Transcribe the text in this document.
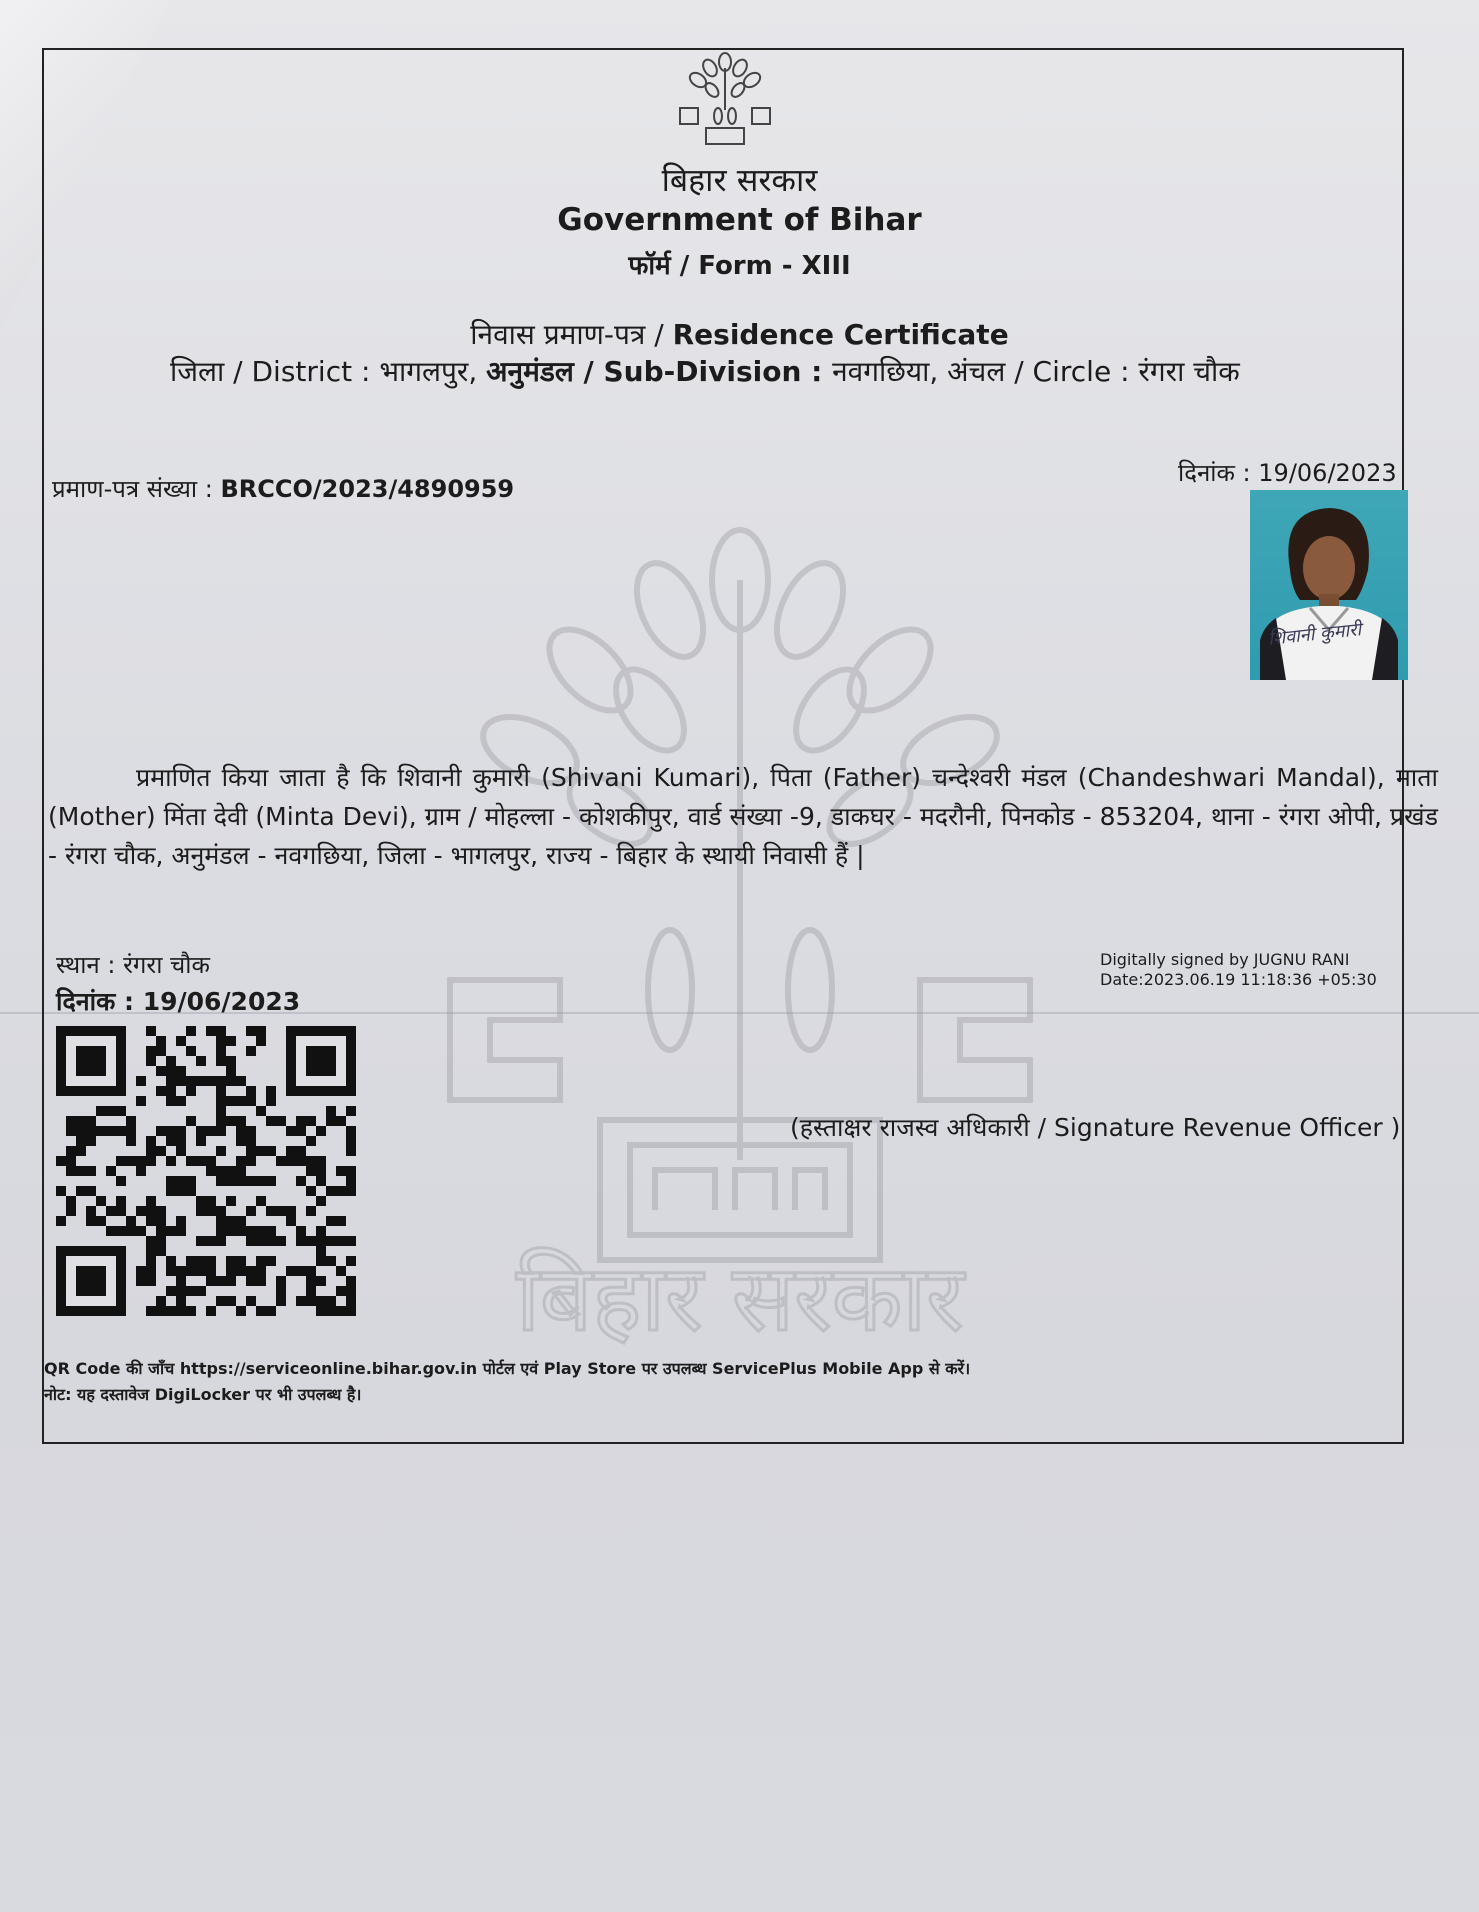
बिहार सरकार
बिहार सरकार
Government of Bihar
फॉर्म / Form - XIII
निवास प्रमाण-पत्र / Residence Certificate
जिला / District : भागलपुर, अनुमंडल / Sub-Division : नवगछिया, अंचल / Circle : रंगरा चौक
प्रमाण-पत्र संख्या : BRCCO/2023/4890959
दिनांक : 19/06/2023
शिवानी कुमारी
प्रमाणित किया जाता है कि शिवानी कुमारी (Shivani Kumari), पिता (Father) चन्देश्वरी मंडल (Chandeshwari Mandal), माता (Mother) मिंता देवी (Minta Devi), ग्राम / मोहल्ला - कोशकीपुर, वार्ड संख्या -9, डाकघर - मदरौनी, पिनकोड - 853204, थाना - रंगरा ओपी, प्रखंड - रंगरा चौक, अनुमंडल - नवगछिया, जिला - भागलपुर, राज्य - बिहार के स्थायी निवासी हैं |
स्थान : रंगरा चौक
दिनांक : 19/06/2023
Digitally signed by JUGNU RANI
Date:2023.06.19 11:18:36 +05:30
(हस्ताक्षर राजस्व अधिकारी / Signature Revenue Officer )
QR Code की जाँच https://serviceonline.bihar.gov.in पोर्टल एवं Play Store पर उपलब्ध ServicePlus Mobile App से करें।
नोट: यह दस्तावेज DigiLocker पर भी उपलब्ध है।
